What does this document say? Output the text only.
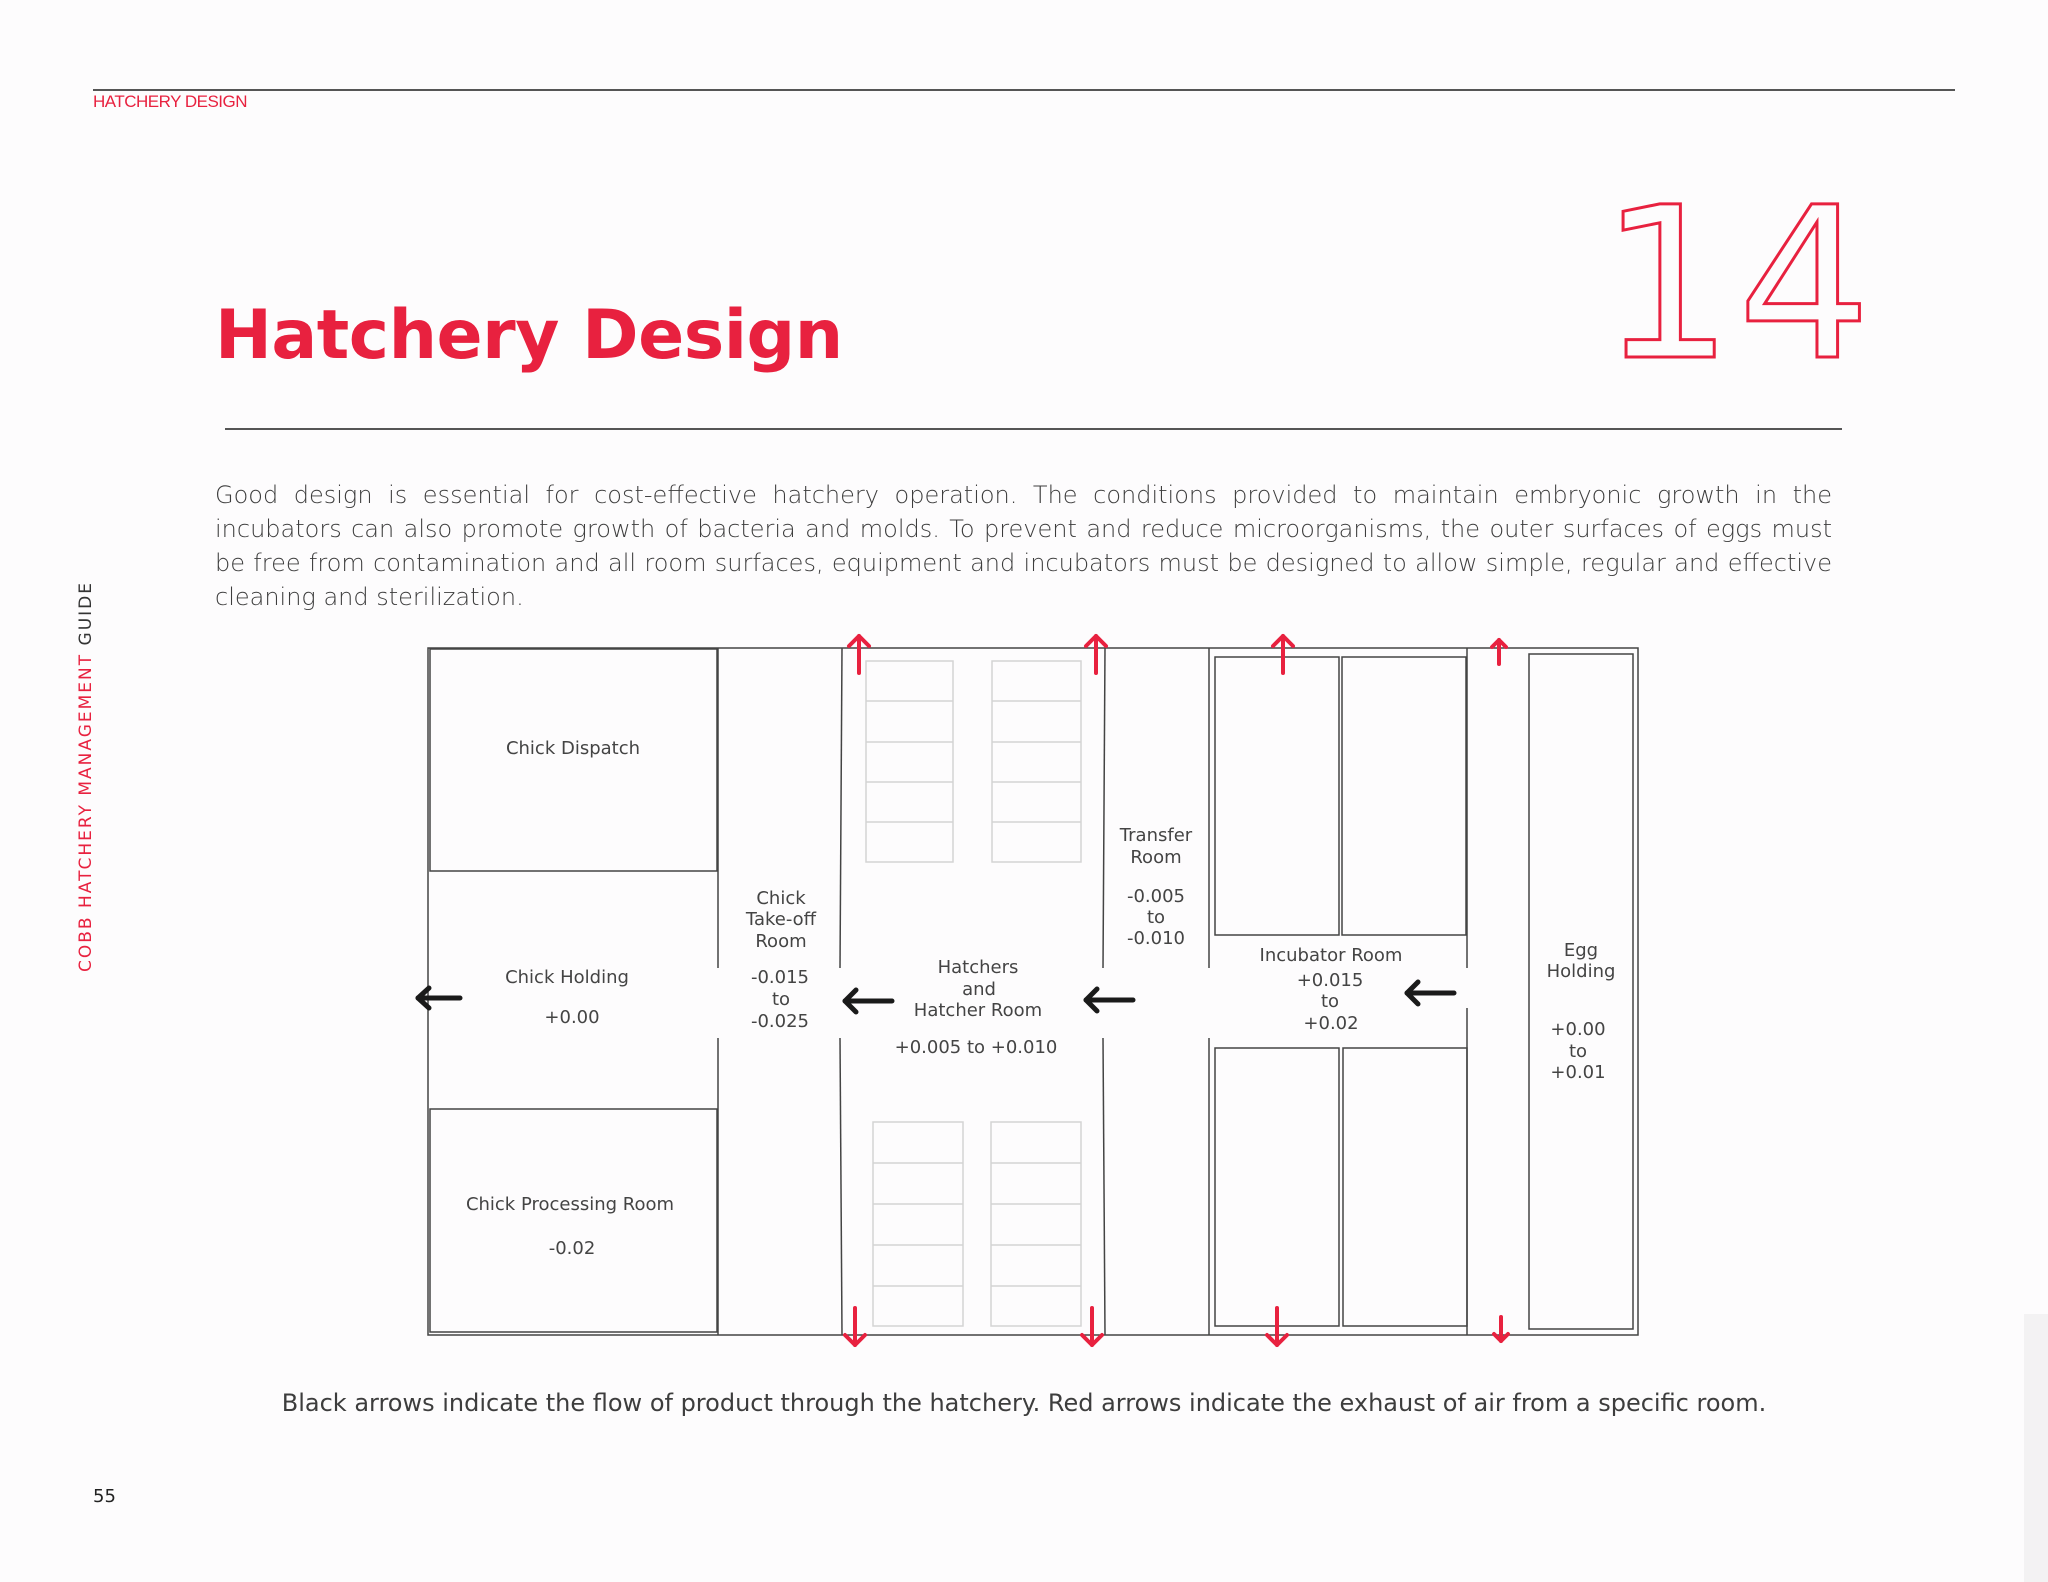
HATCHERY DESIGN
Hatchery Design	14
Good design is essential for cost-effective hatchery operation. The conditions provided to maintain embryonic growth in the incubators can also promote growth of bacteria and molds. To prevent and reduce microorganisms, the outer surfaces of eggs must be free from contamination and all room surfaces, equipment and incubators must be designed to allow simple, regular and effective cleaning and sterilization.
COBB HATCHERY MANAGEMENT GUIDE
Chick Dispatch
Chick Holding
+0.00
Chick Processing Room
-0.02
Chick
Take-off
Room
-0.015
to
-0.025
Hatchers
and
Hatcher Room
+0.005 to +0.010
Transfer
Room
-0.005
to
-0.010
Incubator Room
+0.015
to
+0.02
Egg
Holding
+0.00
to
+0.01
Black arrows indicate the flow of product through the hatchery. Red arrows indicate the exhaust of air from a specific room.
55
